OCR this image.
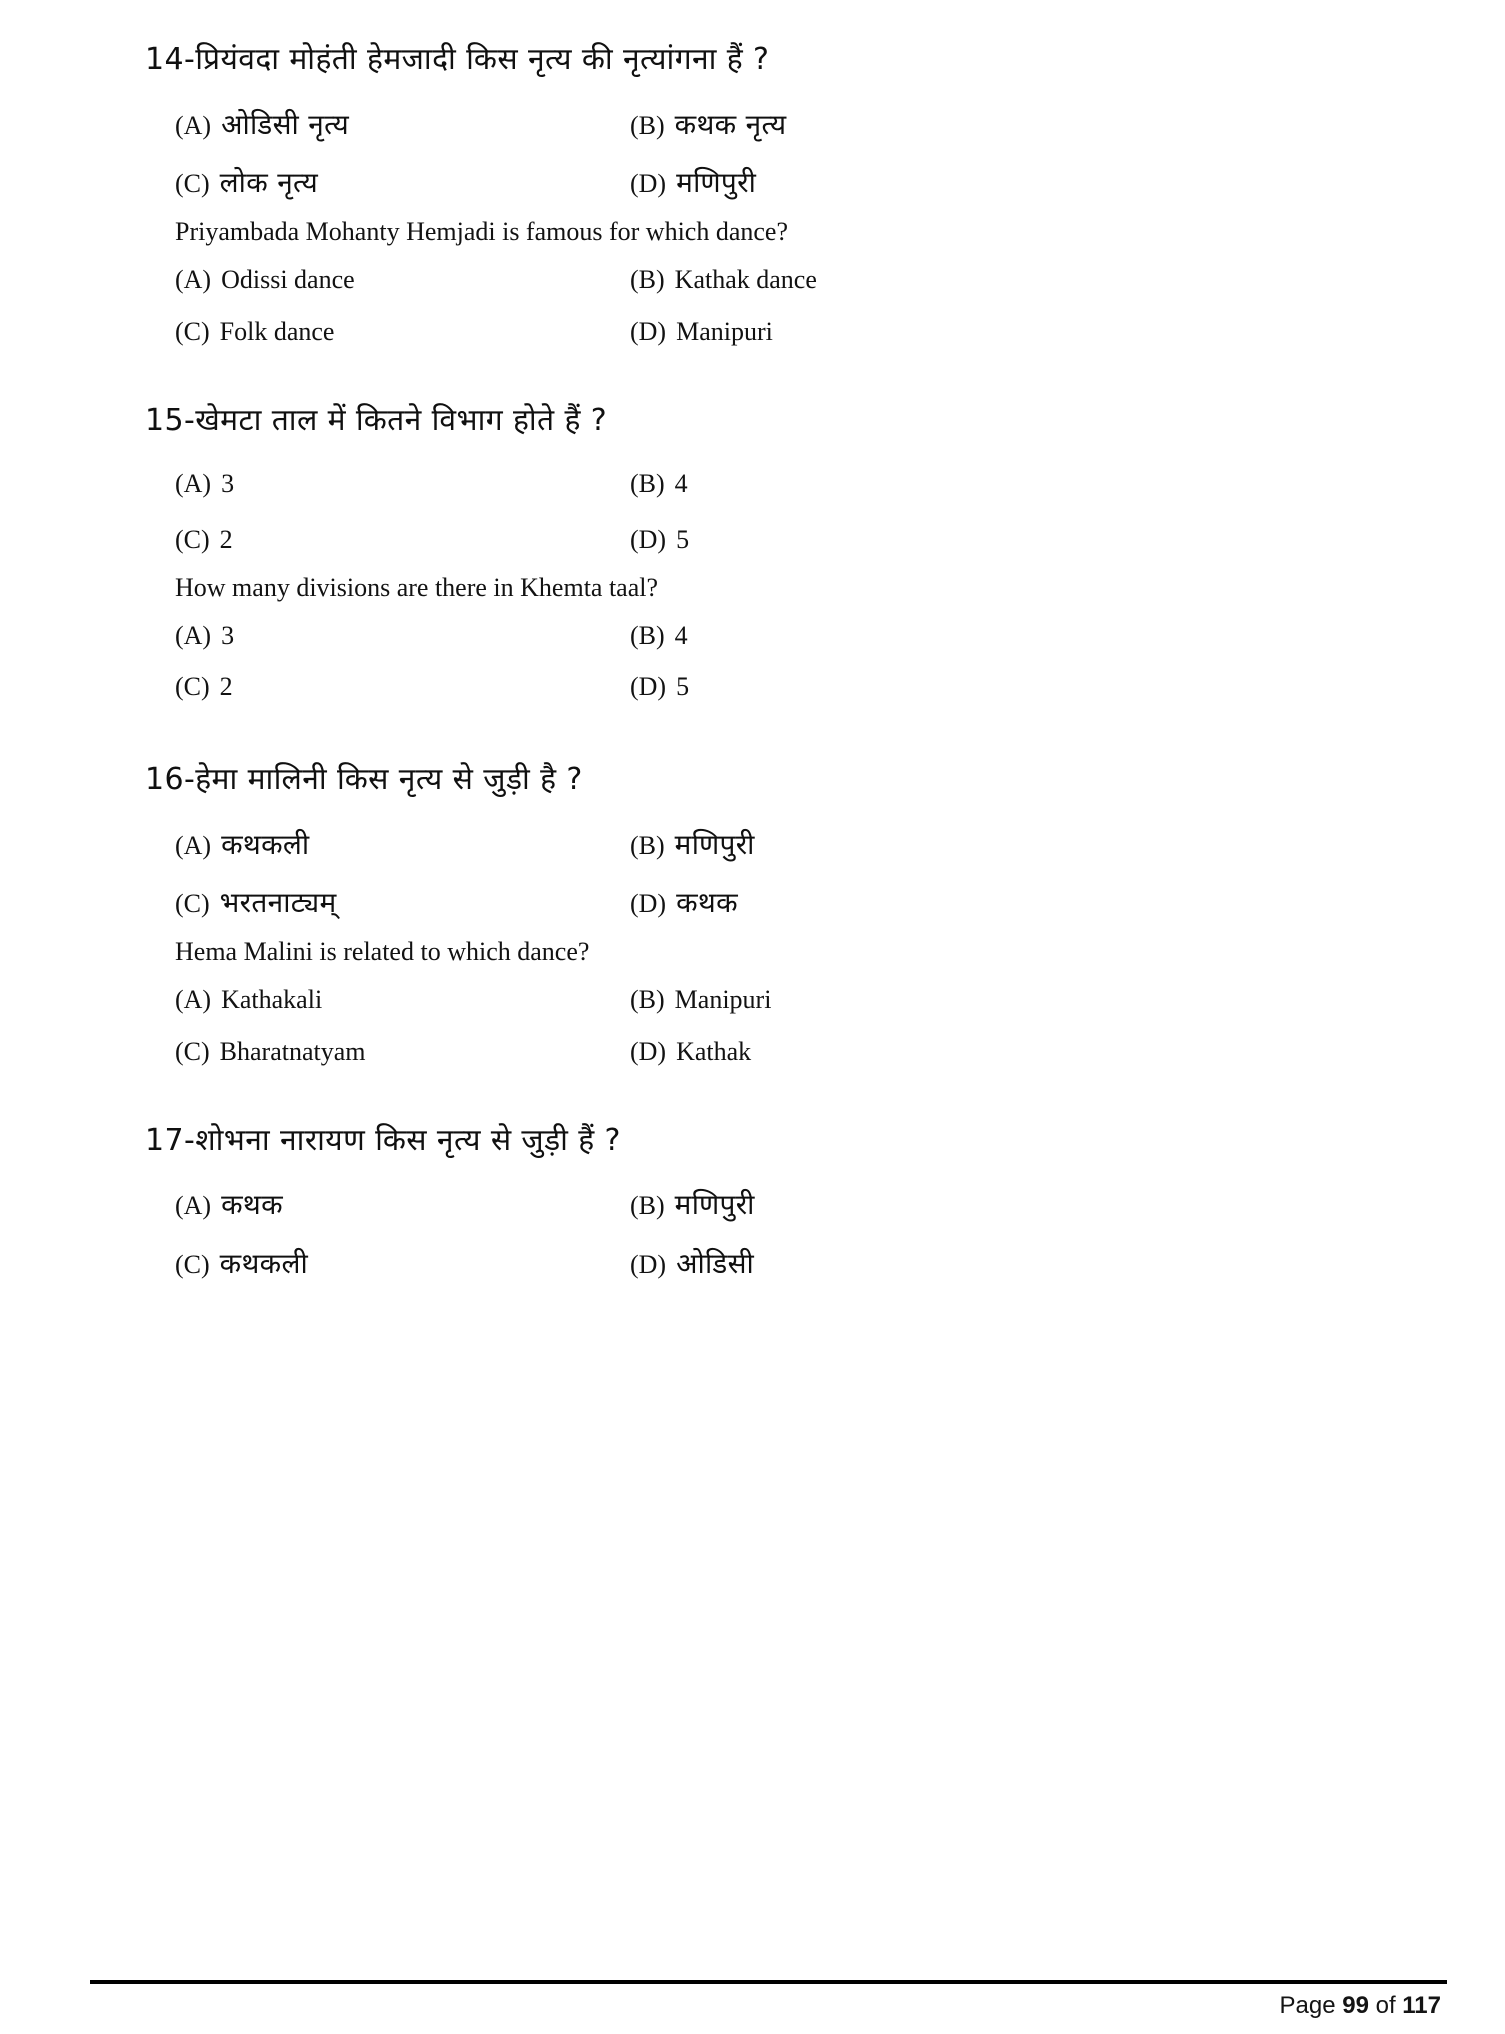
14-प्रियंवदा मोहंती हेमजादी किस नृत्य की नृत्यांगना हैं ?

(A) ओडिसी नृत्य	(B) कथक नृत्य
(C) लोक नृत्य	(D) मणिपुरी

Priyambada Mohanty Hemjadi is famous for which dance?

(A) Odissi dance	(B) Kathak dance
(C) Folk dance	(D) Manipuri

15-खेमटा ताल में कितने विभाग होते हैं ?

(A) 3	(B) 4
(C) 2	(D) 5

How many divisions are there in Khemta taal?

(A) 3	(B) 4
(C) 2	(D) 5

16-हेमा मालिनी किस नृत्य से जुड़ी है ?

(A) कथकली	(B) मणिपुरी
(C) भरतनाट्यम्	(D) कथक

Hema Malini is related to which dance?

(A) Kathakali	(B) Manipuri
(C) Bharatnatyam	(D) Kathak

17-शोभना नारायण किस नृत्य से जुड़ी हैं ?

(A) कथक	(B) मणिपुरी
(C) कथकली	(D) ओडिसी
Page 99 of 117
